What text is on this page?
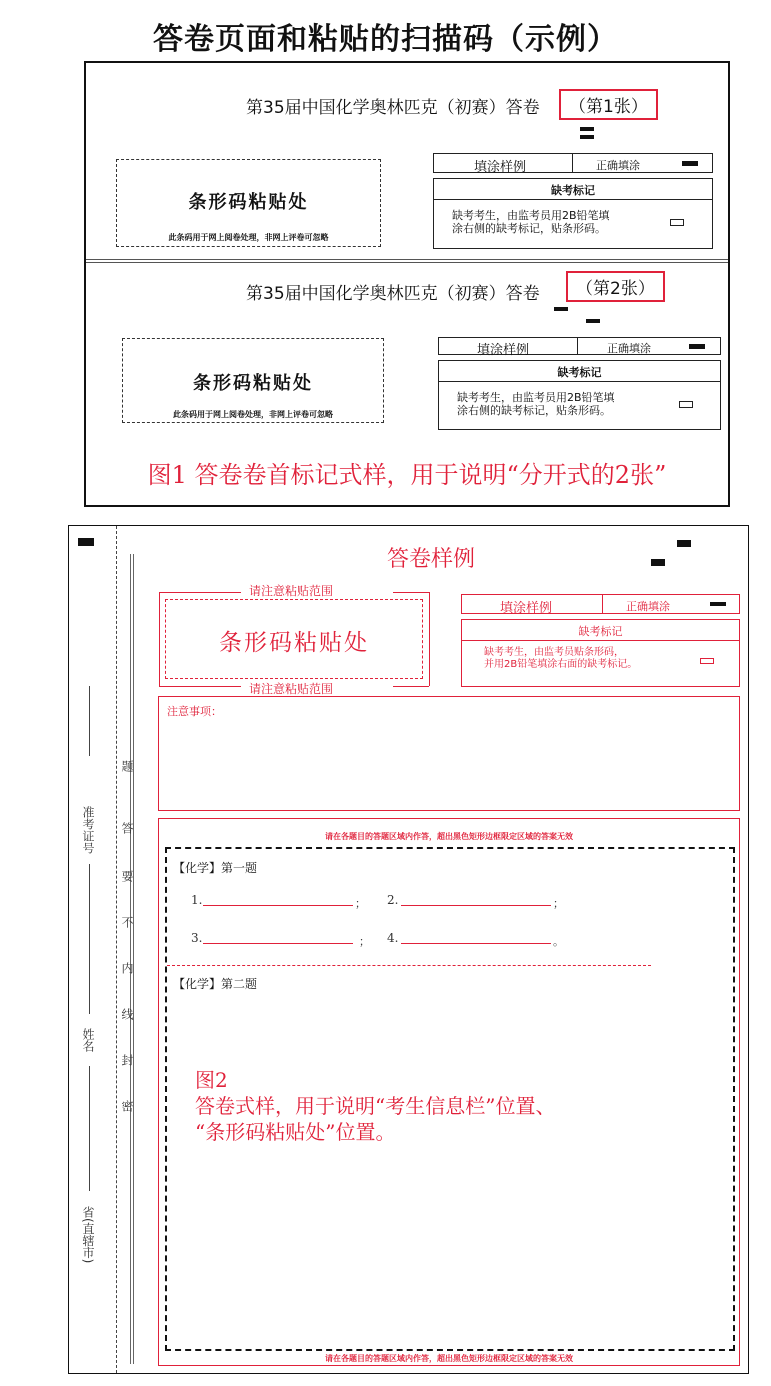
答卷页面和粘贴的扫描码（示例）
第35届中国化学奥林匹克（初赛）答卷	（第1张）
条形码粘贴处
此条码用于网上阅卷处理，非网上评卷可忽略
填涂样例	正确填涂
缺考标记
缺考考生，由监考员用2B铅笔填
涂右侧的缺考标记，贴条形码。
第35届中国化学奥林匹克（初赛）答卷	（第2张）
条形码粘贴处
此条码用于网上阅卷处理，非网上评卷可忽略
填涂样例	正确填涂
缺考标记
缺考考生，由监考员用2B铅笔填
涂右侧的缺考标记，贴条形码。
图1 答卷卷首标记式样，用于说明“分开式的2张”
准考证号
姓名
省(直辖市)
密
封
线
内
不
要
答
题
答卷样例
请注意粘贴范围
条形码粘贴处
请注意粘贴范围
填涂样例	正确填涂
缺考标记
缺考考生，由监考员贴条形码，
并用2B铅笔填涂右面的缺考标记。
注意事项：
请在各题目的答题区域内作答，超出黑色矩形边框限定区域的答案无效
【化学】第一题
1.	； 2.	；
3.	； 4.	。
【化学】第二题
图2
答卷式样，用于说明“考生信息栏”位置、
“条形码粘贴处”位置。
请在各题目的答题区域内作答，超出黑色矩形边框限定区域的答案无效
